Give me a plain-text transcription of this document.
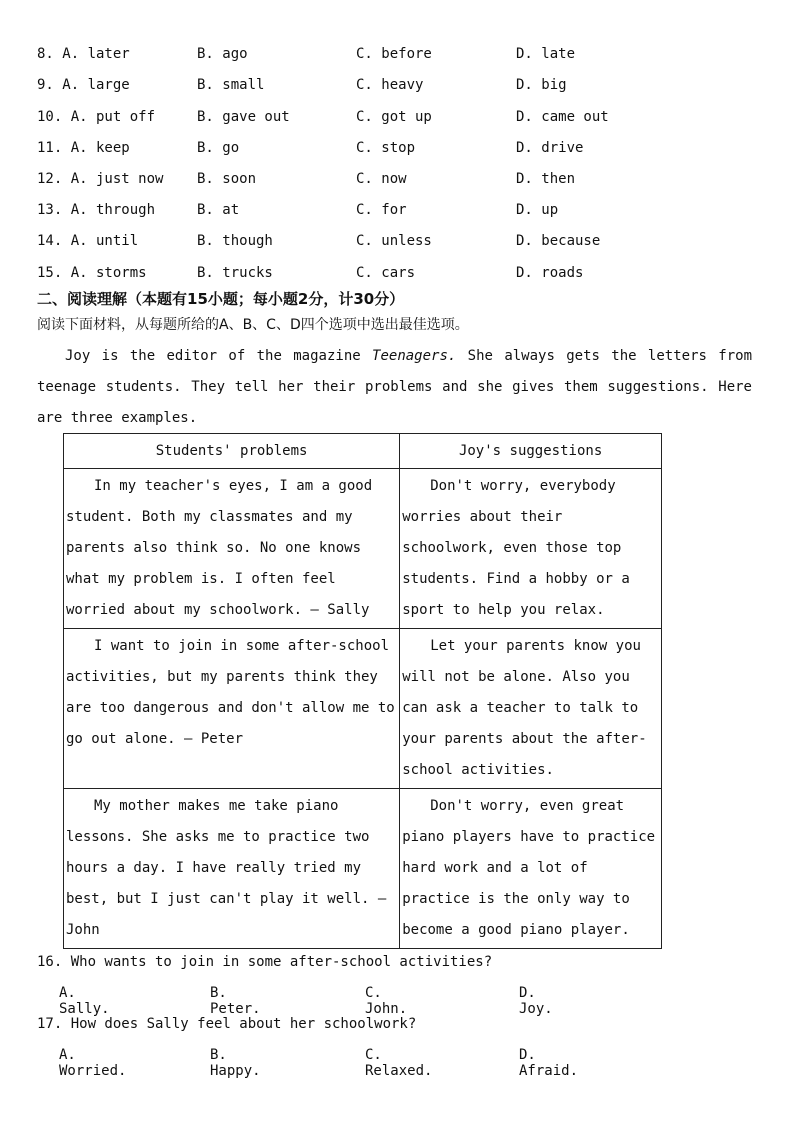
8. A. later	B. ago	C. before	D. late
9. A. large	B. small	C. heavy	D. big
10. A. put off	B. gave out	C. got up	D. came out
11. A. keep	B. go	C. stop	D. drive
12. A. just now B. soon	C. now	D. then
13. A. through	B. at	C. for	D. up
14. A. until	B. though	C. unless	D. because
15. A. storms	B. trucks	C. cars	D. roads
二、阅读理解（本题有15小题；每小题2分，计30分）
阅读下面材料，从每题所给的A、B、C、D四个选项中选出最佳选项。
Joy is the editor of the magazine Teenagers. She always gets the letters from teenage students. They tell her their problems and she gives them suggestions. Here are three examples.
Students' problems	Joy's suggestions
In my teacher's eyes, I am a good student. Both my classmates and my parents also think so. No one knows what my problem is. I often feel worried about my schoolwork. — Sally	Don't worry, everybody worries about their schoolwork, even those top students. Find a hobby or a sport to help you relax.
I want to join in some after-school activities, but my parents think they are too dangerous and don't allow me to go out alone. — Peter	Let your parents know you will not be alone. Also you can ask a teacher to talk to your parents about the after-school activities.
My mother makes me take piano lessons. She asks me to practice two hours a day. I have really tried my best, but I just can't play it well. — John	Don't worry, even great piano players have to practice hard work and a lot of practice is the only way to become a good piano player.
16. Who wants to join in some after-school activities?
A. Sally.
B. Peter.
C. John.
D. Joy.
17. How does Sally feel about her schoolwork?
A. Worried.
B. Happy.
C. Relaxed.
D. Afraid.
